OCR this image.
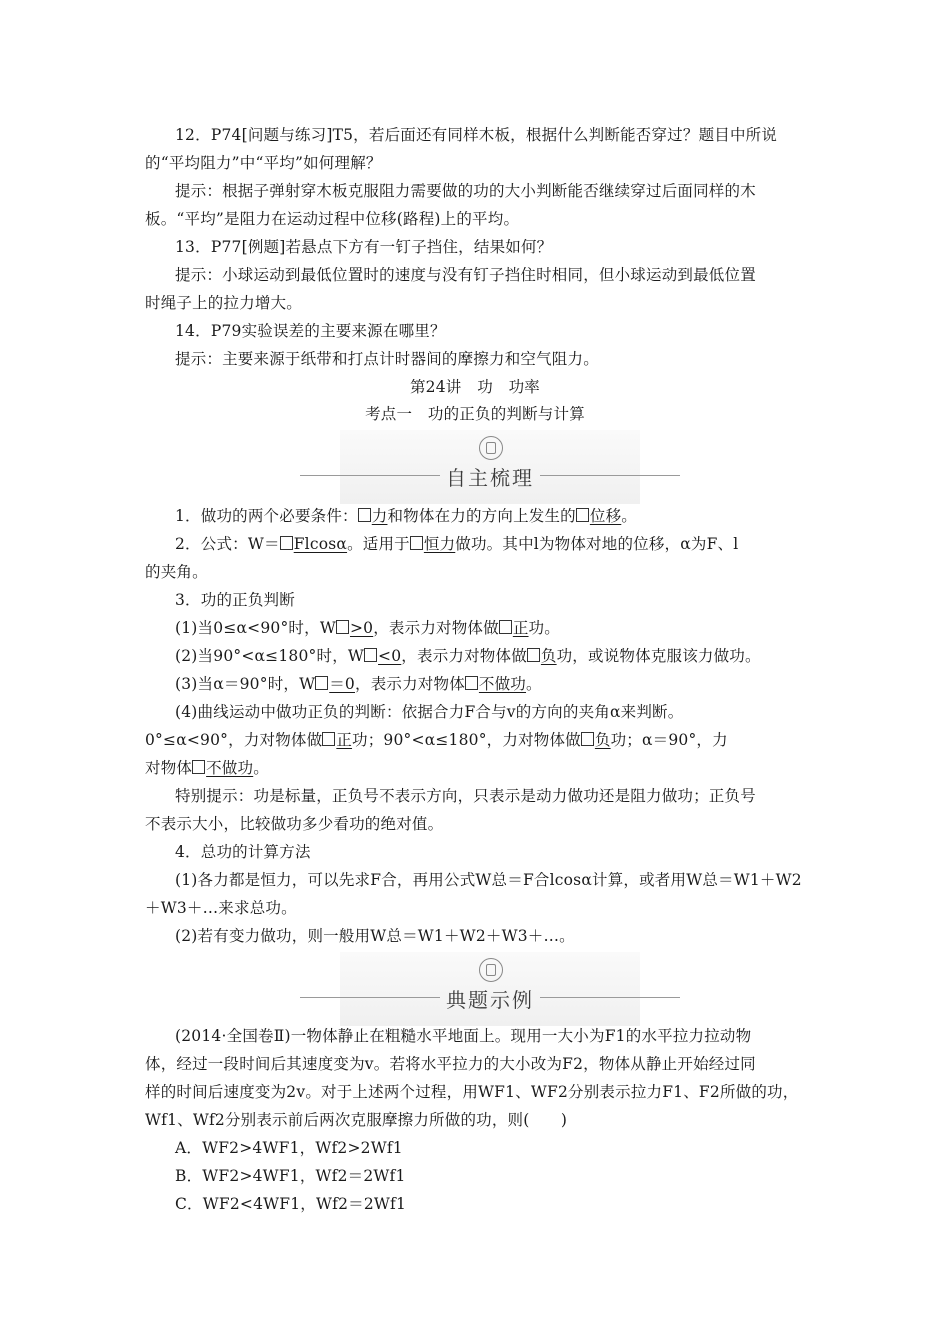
12．P74[问题与练习]T5，若后面还有同样木板，根据什么判断能否穿过？题目中所说
的“平均阻力”中“平均”如何理解？
提示：根据子弹射穿木板克服阻力需要做的功的大小判断能否继续穿过后面同样的木
板。“平均”是阻力在运动过程中位移(路程)上的平均。
13．P77[例题]若悬点下方有一钉子挡住，结果如何？
提示：小球运动到最低位置时的速度与没有钉子挡住时相同，但小球运动到最低位置
时绳子上的拉力增大。
14．P79实验误差的主要来源在哪里？
提示：主要来源于纸带和打点计时器间的摩擦力和空气阻力。
第24讲　功　功率
考点一　功的正负的判断与计算
自主梳理
1．做功的两个必要条件： 力和物体在力的方向上发生的 位移。
2．公式：W＝ Flcosα。适用于 恒力做功。其中l为物体对地的位移，α为F、l
的夹角。
3．功的正负判断
(1)当0≤α<90°时，W >0，表示力对物体做 正功。
(2)当90°<α≤180°时，W <0，表示力对物体做 负功，或说物体克服该力做功。
(3)当α＝90°时，W ＝0，表示力对物体 不做功。
(4)曲线运动中做功正负的判断：依据合力F合与v的方向的夹角α来判断。
0°≤α<90°，力对物体做 正功；90°<α≤180°，力对物体做 负功；α＝90°，力
对物体 不做功。
特别提示：功是标量，正负号不表示方向，只表示是动力做功还是阻力做功；正负号
不表示大小，比较做功多少看功的绝对值。
4．总功的计算方法
(1)各力都是恒力，可以先求F合，再用公式W总＝F合lcosα计算，或者用W总＝W1＋W2
＋W3＋…来求总功。
(2)若有变力做功，则一般用W总＝W1＋W2＋W3＋…。
典题示例
(2014·全国卷Ⅱ)一物体静止在粗糙水平地面上。现用一大小为F1的水平拉力拉动物
体，经过一段时间后其速度变为v。若将水平拉力的大小改为F2，物体从静止开始经过同
样的时间后速度变为2v。对于上述两个过程，用WF1、WF2分别表示拉力F1、F2所做的功，
Wf1、Wf2分别表示前后两次克服摩擦力所做的功，则(　　)
A．WF2>4WF1，Wf2>2Wf1
B．WF2>4WF1，Wf2＝2Wf1
C．WF2<4WF1，Wf2＝2Wf1
